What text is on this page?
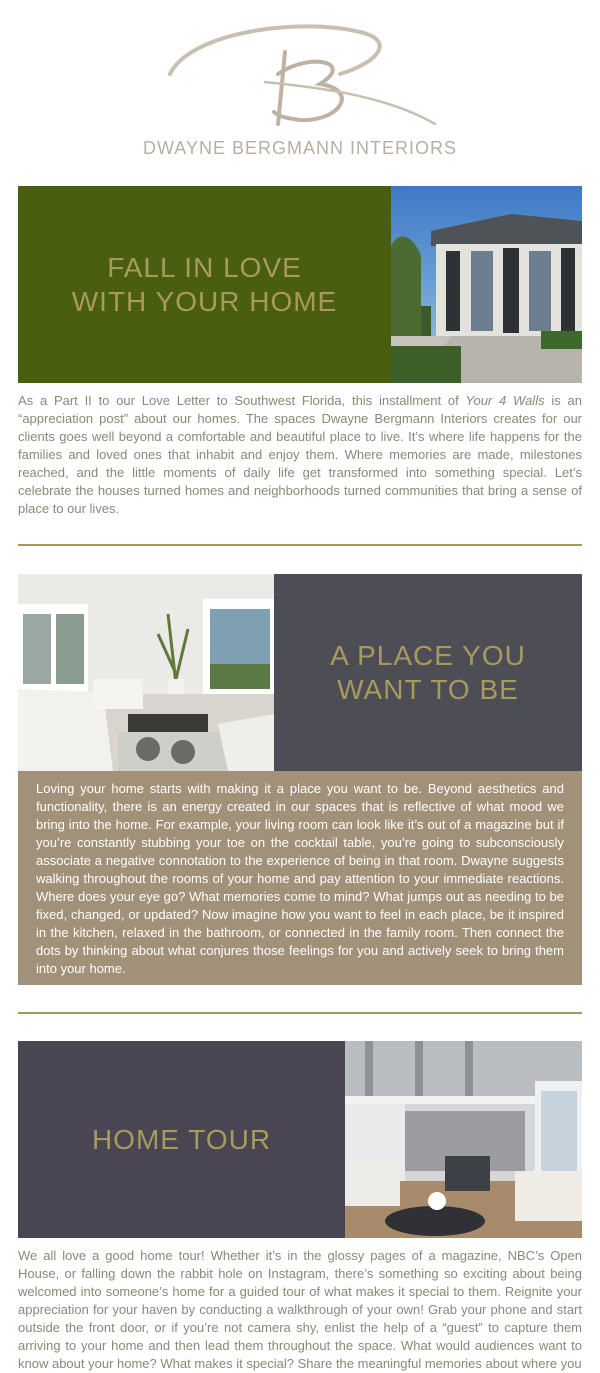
DWAYNE BERGMANN INTERIORS
FALL IN LOVE
WITH YOUR HOME
As a Part II to our Love Letter to Southwest Florida, this installment of Your 4 Walls is an “appreciation post” about our homes. The spaces Dwayne Bergmann Interiors creates for our clients goes well beyond a comfortable and beautiful place to live. It’s where life happens for the families and loved ones that inhabit and enjoy them. Where memories are made, milestones reached, and the little moments of daily life get transformed into something special. Let’s celebrate the houses turned homes and neighborhoods turned communities that bring a sense of place to our lives.
A PLACE YOU
WANT TO BE

Loving your home starts with making it a place you want to be. Beyond aesthetics and functionality, there is an energy created in our spaces that is reflective of what mood we bring into the home. For example, your living room can look like it’s out of a magazine but if you’re constantly stubbing your toe on the cocktail table, you’re going to subconsciously associate a negative connotation to the experience of being in that room. Dwayne suggests walking throughout the rooms of your home and pay attention to your immediate reactions. Where does your eye go? What memories come to mind? What jumps out as needing to be fixed, changed, or updated? Now imagine how you want to feel in each place, be it inspired in the kitchen, relaxed in the bathroom, or connected in the family room. Then connect the dots by thinking about what conjures those feelings for you and actively seek to bring them into your home.

HOME TOUR
We all love a good home tour! Whether it’s in the glossy pages of a magazine, NBC’s Open House, or falling down the rabbit hole on Instagram, there’s something so exciting about being welcomed into someone’s home for a guided tour of what makes it special to them. Reignite your appreciation for your haven by conducting a walkthrough of your own! Grab your phone and start outside the front door, or if you’re not camera shy, enlist the help of a “guest” to capture them arriving to your home and then lead them throughout the space. What would audiences want to know about your home? What makes it special? Share the meaningful memories about where you
